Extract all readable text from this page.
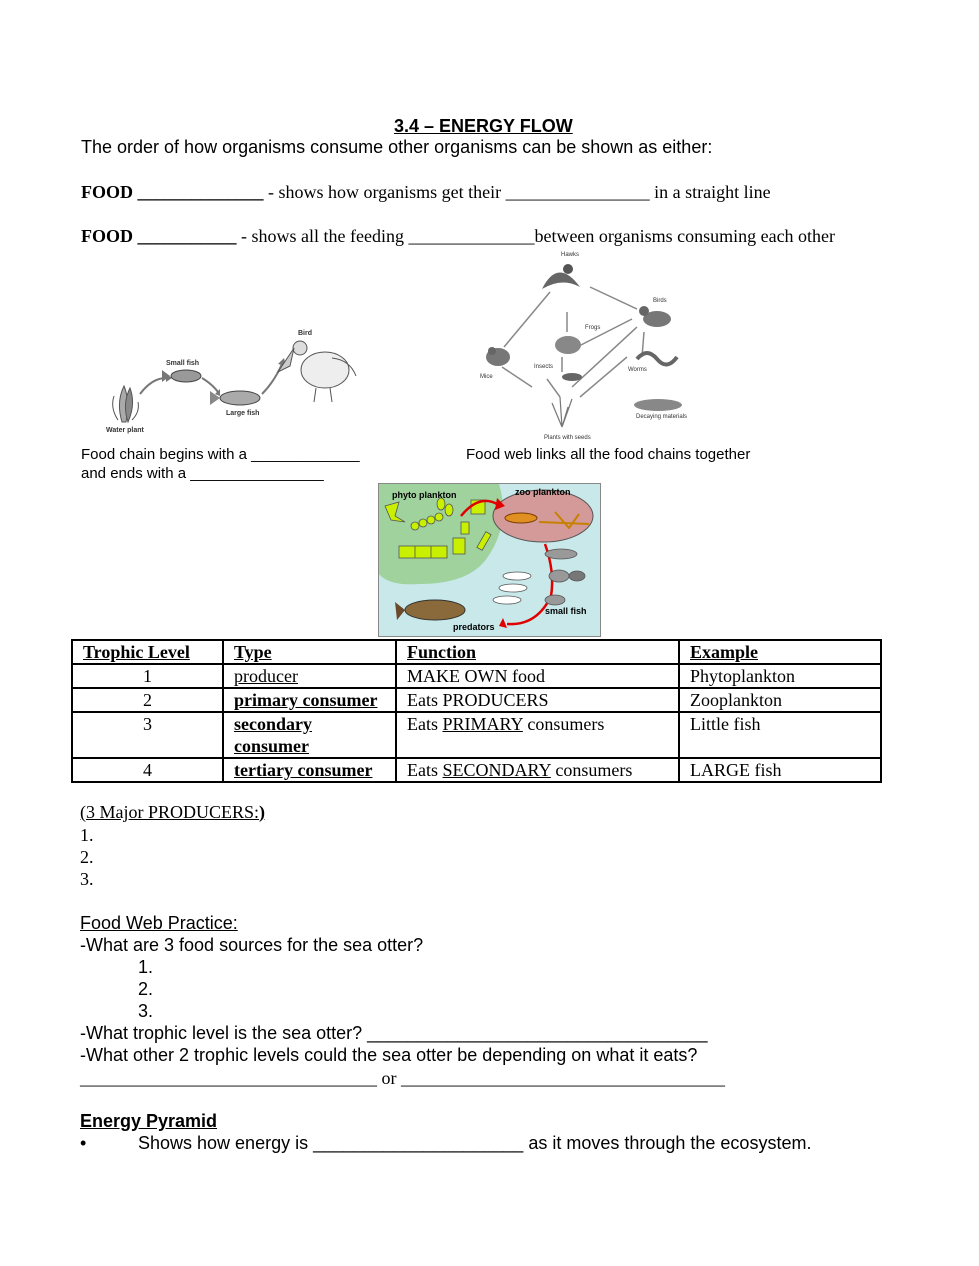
3.4 – ENERGY FLOW
The order of how organisms consume other organisms can be shown as either:
FOOD ______________ - shows how organisms get their ________________ in a straight line
FOOD ___________ - shows all the feeding ______________between organisms consuming each other
Small fish
Large fish
Bird
Water plant
Hawks
Birds
Frogs
Mice
Insects	Worms
Plants with seeds
Decaying materials
Food chain begins with a _____________
and ends with a ________________
Food web links all the food chains together
phyto plankton	zoo plankton
small fish
predators
Trophic Level	Type	Function	Example
1	producer	MAKE OWN food	Phytoplankton
2	primary consumer	Eats PRODUCERS	Zooplankton
3	secondary consumer	Eats PRIMARY consumers	Little fish
4	tertiary consumer	Eats SECONDARY consumers	LARGE fish
(3 Major PRODUCERS:)
1.
2.
3.
Food Web Practice:
-What are 3 food sources for the sea otter?
1.
2.
3.
-What trophic level is the sea otter? __________________________________
-What other 2 trophic levels could the sea otter be depending on what it eats?
_________________________________ or ____________________________________
Energy Pyramid
•	Shows how energy is _____________________ as it moves through the ecosystem.
